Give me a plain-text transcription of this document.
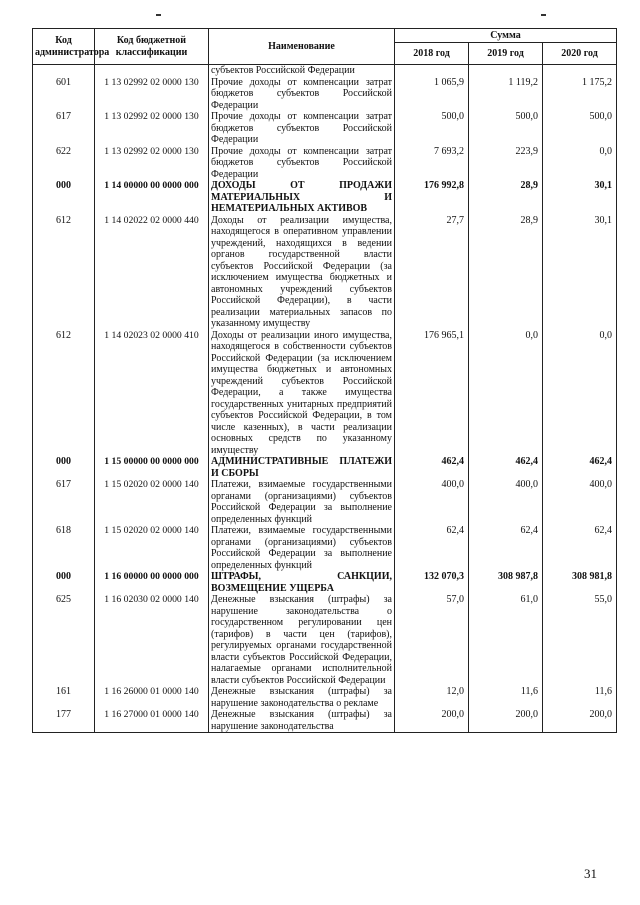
Код администратора	Код бюджетной классификации	Наименование	Сумма		
			2018 год	2019 год	2020 год
		субъектов Российской Федерации			
601	1 13 02992 02 0000 130	Прочие доходы от компенсации затрат бюджетов субъектов Российской Федерации	1 065,9	1 119,2	1 175,2
617	1 13 02992 02 0000 130	Прочие доходы от компенсации затрат бюджетов субъектов Российской Федерации	500,0	500,0	500,0
622	1 13 02992 02 0000 130	Прочие доходы от компенсации затрат бюджетов субъектов Российской Федерации	7 693,2	223,9	0,0
000	1 14 00000 00 0000 000	ДОХОДЫ ОТ ПРОДАЖИ МАТЕРИАЛЬНЫХ И НЕМАТЕРИАЛЬНЫХ АКТИВОВ	176 992,8	28,9	30,1
612	1 14 02022 02 0000 440	Доходы от реализации имущества, находящегося в оперативном управлении учреждений, находящихся в ведении органов государственной власти субъектов Российской Федерации (за исключением имущества бюджетных и автономных учреждений субъектов Российской Федерации), в части реализации материальных запасов по указанному имуществу	27,7	28,9	30,1
612	1 14 02023 02 0000 410	Доходы от реализации иного имущества, находящегося в собственности субъектов Российской Федерации (за исключением имущества бюджетных и автономных учреждений субъектов Российской Федерации, а также имущества государственных унитарных предприятий субъектов Российской Федерации, в том числе казенных), в части реализации основных средств по указанному имуществу	176 965,1	0,0	0,0
000	1 15 00000 00 0000 000	АДМИНИСТРАТИВНЫЕ ПЛАТЕЖИ И СБОРЫ	462,4	462,4	462,4
617	1 15 02020 02 0000 140	Платежи, взимаемые государственными органами (организациями) субъектов Российской Федерации за выполнение определенных функций	400,0	400,0	400,0
618	1 15 02020 02 0000 140	Платежи, взимаемые государственными органами (организациями) субъектов Российской Федерации за выполнение определенных функций	62,4	62,4	62,4
000	1 16 00000 00 0000 000	ШТРАФЫ, САНКЦИИ, ВОЗМЕЩЕНИЕ УЩЕРБА	132 070,3	308 987,8	308 981,8
625	1 16 02030 02 0000 140	Денежные взыскания (штрафы) за нарушение законодательства о государственном регулировании цен (тарифов) в части цен (тарифов), регулируемых органами государственной власти субъектов Российской Федерации, налагаемые органами исполнительной власти субъектов Российской Федерации	57,0	61,0	55,0
161	1 16 26000 01 0000 140	Денежные взыскания (штрафы) за нарушение законодательства о рекламе	12,0	11,6	11,6
177	1 16 27000 01 0000 140	Денежные взыскания (штрафы) за нарушение законодательства	200,0	200,0	200,0
31
